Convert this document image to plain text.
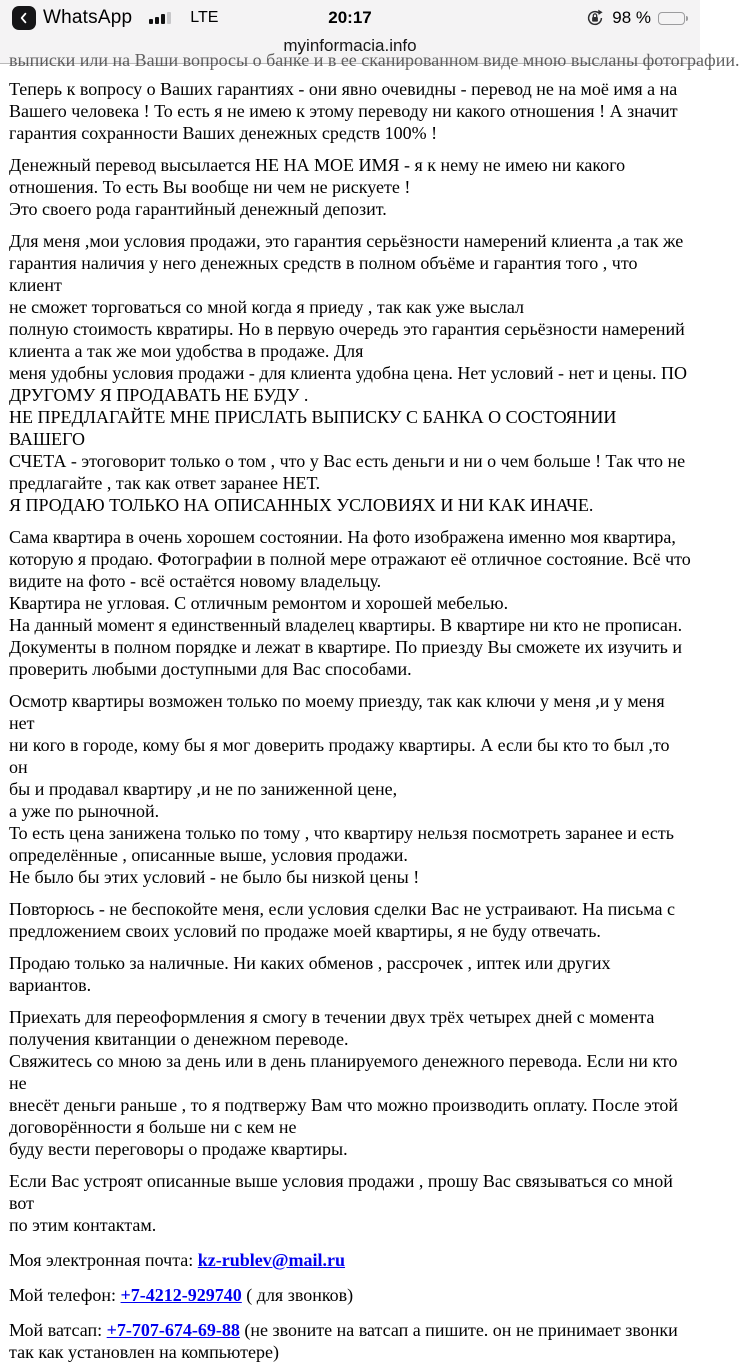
WhatsApp	LTE	20:17	98 %
myinformacia.info
выписки или на Ваши вопросы о банке и в ее сканированном виде мною высланы фотографии.

Теперь к вопросу о Ваших гарантиях - они явно очевидны - перевод не на моё имя а на
Вашего человека ! То есть я не имею к этому переводу ни какого отношения ! А значит
гарантия сохранности Ваших денежных средств 100% !

Денежный перевод высылается НЕ НА МОЕ ИМЯ - я к нему не имею ни какого
отношения. То есть Вы вообще ни чем не рискуете !
Это своего рода гарантийный денежный депозит.

Для меня ,мои условия продажи, это гарантия серьёзности намерений клиента ,а так же
гарантия наличия у него денежных средств в полном объёме и гарантия того , что клиент
не сможет торговаться со мной когда я приеду , так как уже выслал
полную стоимость квратиры. Но в первую очередь это гарантия серьёзности намерений
клиента а так же мои удобства в продаже. Для
меня удобны условия продажи - для клиента удобна цена. Нет условий - нет и цены. ПО
ДРУГОМУ Я ПРОДАВАТЬ НЕ БУДУ .
НЕ ПРЕДЛАГАЙТЕ МНЕ ПРИСЛАТЬ ВЫПИСКУ С БАНКА О СОСТОЯНИИ ВАШЕГО
СЧЕТА - этоговорит только о том , что у Вас есть деньги и ни о чем больше ! Так что не
предлагайте , так как ответ заранее НЕТ.
Я ПРОДАЮ ТОЛЬКО НА ОПИСАННЫХ УСЛОВИЯХ И НИ КАК ИНАЧЕ.

Сама квартира в очень хорошем состоянии. На фото изображена именно моя квартира,
которую я продаю. Фотографии в полной мере отражают её отличное состояние. Всё что
видите на фото - всё остаётся новому владельцу.
Квартира не угловая. С отличным ремонтом и хорошей мебелью.
На данный момент я единственный владелец квартиры. В квартире ни кто не прописан.
Документы в полном порядке и лежат в квартире. По приезду Вы сможете их изучить и
проверить любыми доступными для Вас способами.

Осмотр квартиры возможен только по моему приезду, так как ключи у меня ,и у меня нет
ни кого в городе, кому бы я мог доверить продажу квартиры. А если бы кто то был ,то он
бы и продавал квартиру ,и не по заниженной цене,
а уже по рыночной.
То есть цена занижена только по тому , что квартиру нельзя посмотреть заранее и есть
определённые , описанные выше, условия продажи.
Не было бы этих условий - не было бы низкой цены !

Повторюсь - не беспокойте меня, если условия сделки Вас не устраивают. На письма с
предложением своих условий по продаже моей квартиры, я не буду отвечать.

Продаю только за наличные. Ни каких обменов , рассрочек , иптек или других вариантов.

Приехать для переоформления я смогу в течении двух трёх четырех дней с момента
получения квитанции о денежном переводе.
Свяжитесь со мною за день или в день планируемого денежного перевода. Если ни кто не
внесёт деньги раньше , то я подтвержу Вам что можно производить оплату. После этой
договорённости я больше ни с кем не
буду вести переговоры о продаже квартиры.

Если Вас устроят описанные выше условия продажи , прошу Вас связываться со мной вот
по этим контактам.

Моя электронная почта: kz-rublev@mail.ru

Мой телефон: +7-4212-929740 ( для звонков)

Мой ватсап: +7-707-674-69-88 (не звоните на ватсап а пишите. он не принимает звонки так как установлен на компьютере)
